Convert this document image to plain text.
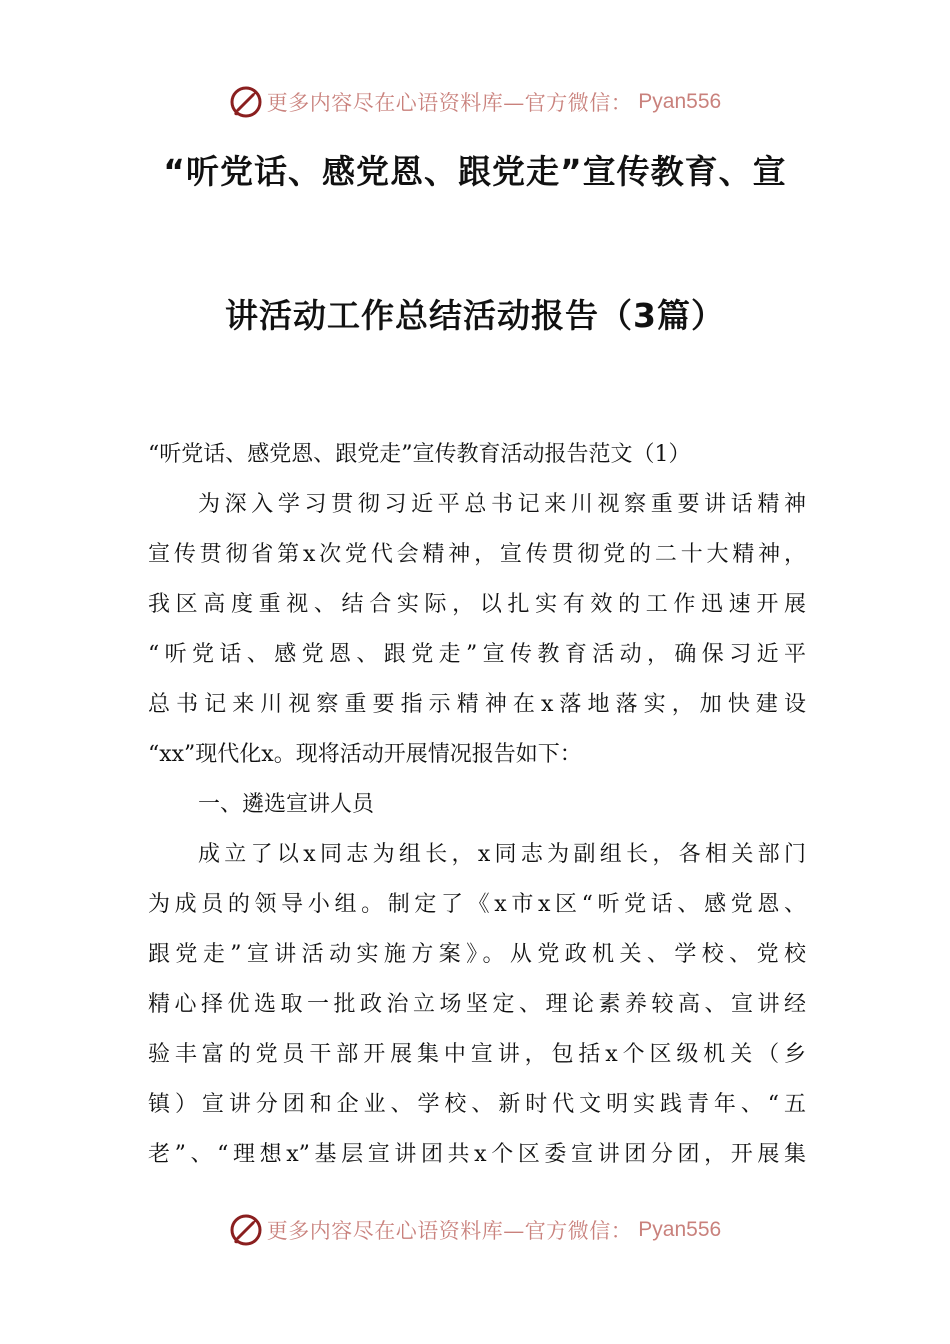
更多内容尽在心语资料库—官方微信： Pyan556
“听党话、感党恩、跟党走”宣传教育、宣
讲活动工作总结活动报告（3篇）
“听党话、感党恩、跟党走”宣传教育活动报告范文（1）
为深入学习贯彻习近平总书记来川视察重要讲话精神
宣传贯彻省第x次党代会精神，宣传贯彻党的二十大精神，
我区高度重视、结合实际，以扎实有效的工作迅速开展
“听党话、感党恩、跟党走”宣传教育活动，确保习近平
总书记来川视察重要指示精神在x落地落实，加快建设
“xx”现代化x。现将活动开展情况报告如下：
一、遴选宣讲人员
成立了以x同志为组长，x同志为副组长，各相关部门
为成员的领导小组。制定了《x市x区“听党话、感党恩、
跟党走”宣讲活动实施方案》。从党政机关、学校、党校
精心择优选取一批政治立场坚定、理论素养较高、宣讲经
验丰富的党员干部开展集中宣讲，包括x个区级机关（乡
镇）宣讲分团和企业、学校、新时代文明实践青年、“五
老”、“理想x”基层宣讲团共x个区委宣讲团分团，开展集
更多内容尽在心语资料库—官方微信： Pyan556
